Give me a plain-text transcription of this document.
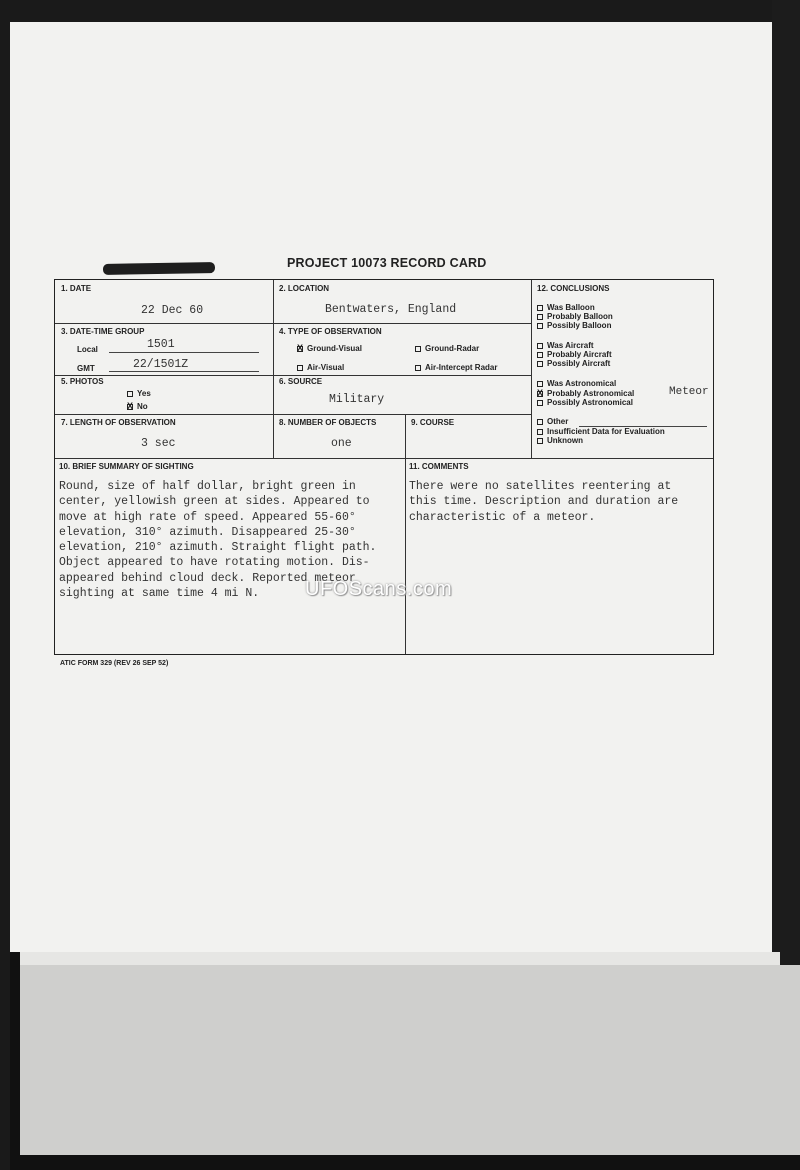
PROJECT 10073 RECORD CARD
1. DATE
22 Dec 60
2. LOCATION
Bentwaters, England
3. DATE-TIME GROUP
Local	1501
GMT	22/1501Z
4. TYPE OF OBSERVATION
XGround-Visual	Ground-Radar
Air-Visual	Air-Intercept Radar
5. PHOTOS
Yes
XNo
6. SOURCE
Military
7. LENGTH OF OBSERVATION
3 sec
8. NUMBER OF OBJECTS
one
9. COURSE
12. CONCLUSIONS
Was Balloon
Probably Balloon
Possibly Balloon
Was Aircraft
Probably Aircraft
Possibly Aircraft
Was Astronomical
XProbably Astronomical	Meteor
Possibly Astronomical
Other
Insufficient Data for Evaluation
Unknown
10. BRIEF SUMMARY OF SIGHTING
Round, size of half dollar, bright green in
center, yellowish green at sides. Appeared to
move at high rate of speed. Appeared 55-60°
elevation, 310° azimuth. Disappeared 25-30°
elevation, 210° azimuth. Straight flight path.
Object appeared to have rotating motion. Dis-
appeared behind cloud deck. Reported meteor
sighting at same time 4 mi N.
11. COMMENTS
There were no satellites reentering at
this time. Description and duration are
characteristic of a meteor.
UFOScans.com
ATIC FORM 329 (REV 26 SEP 52)
